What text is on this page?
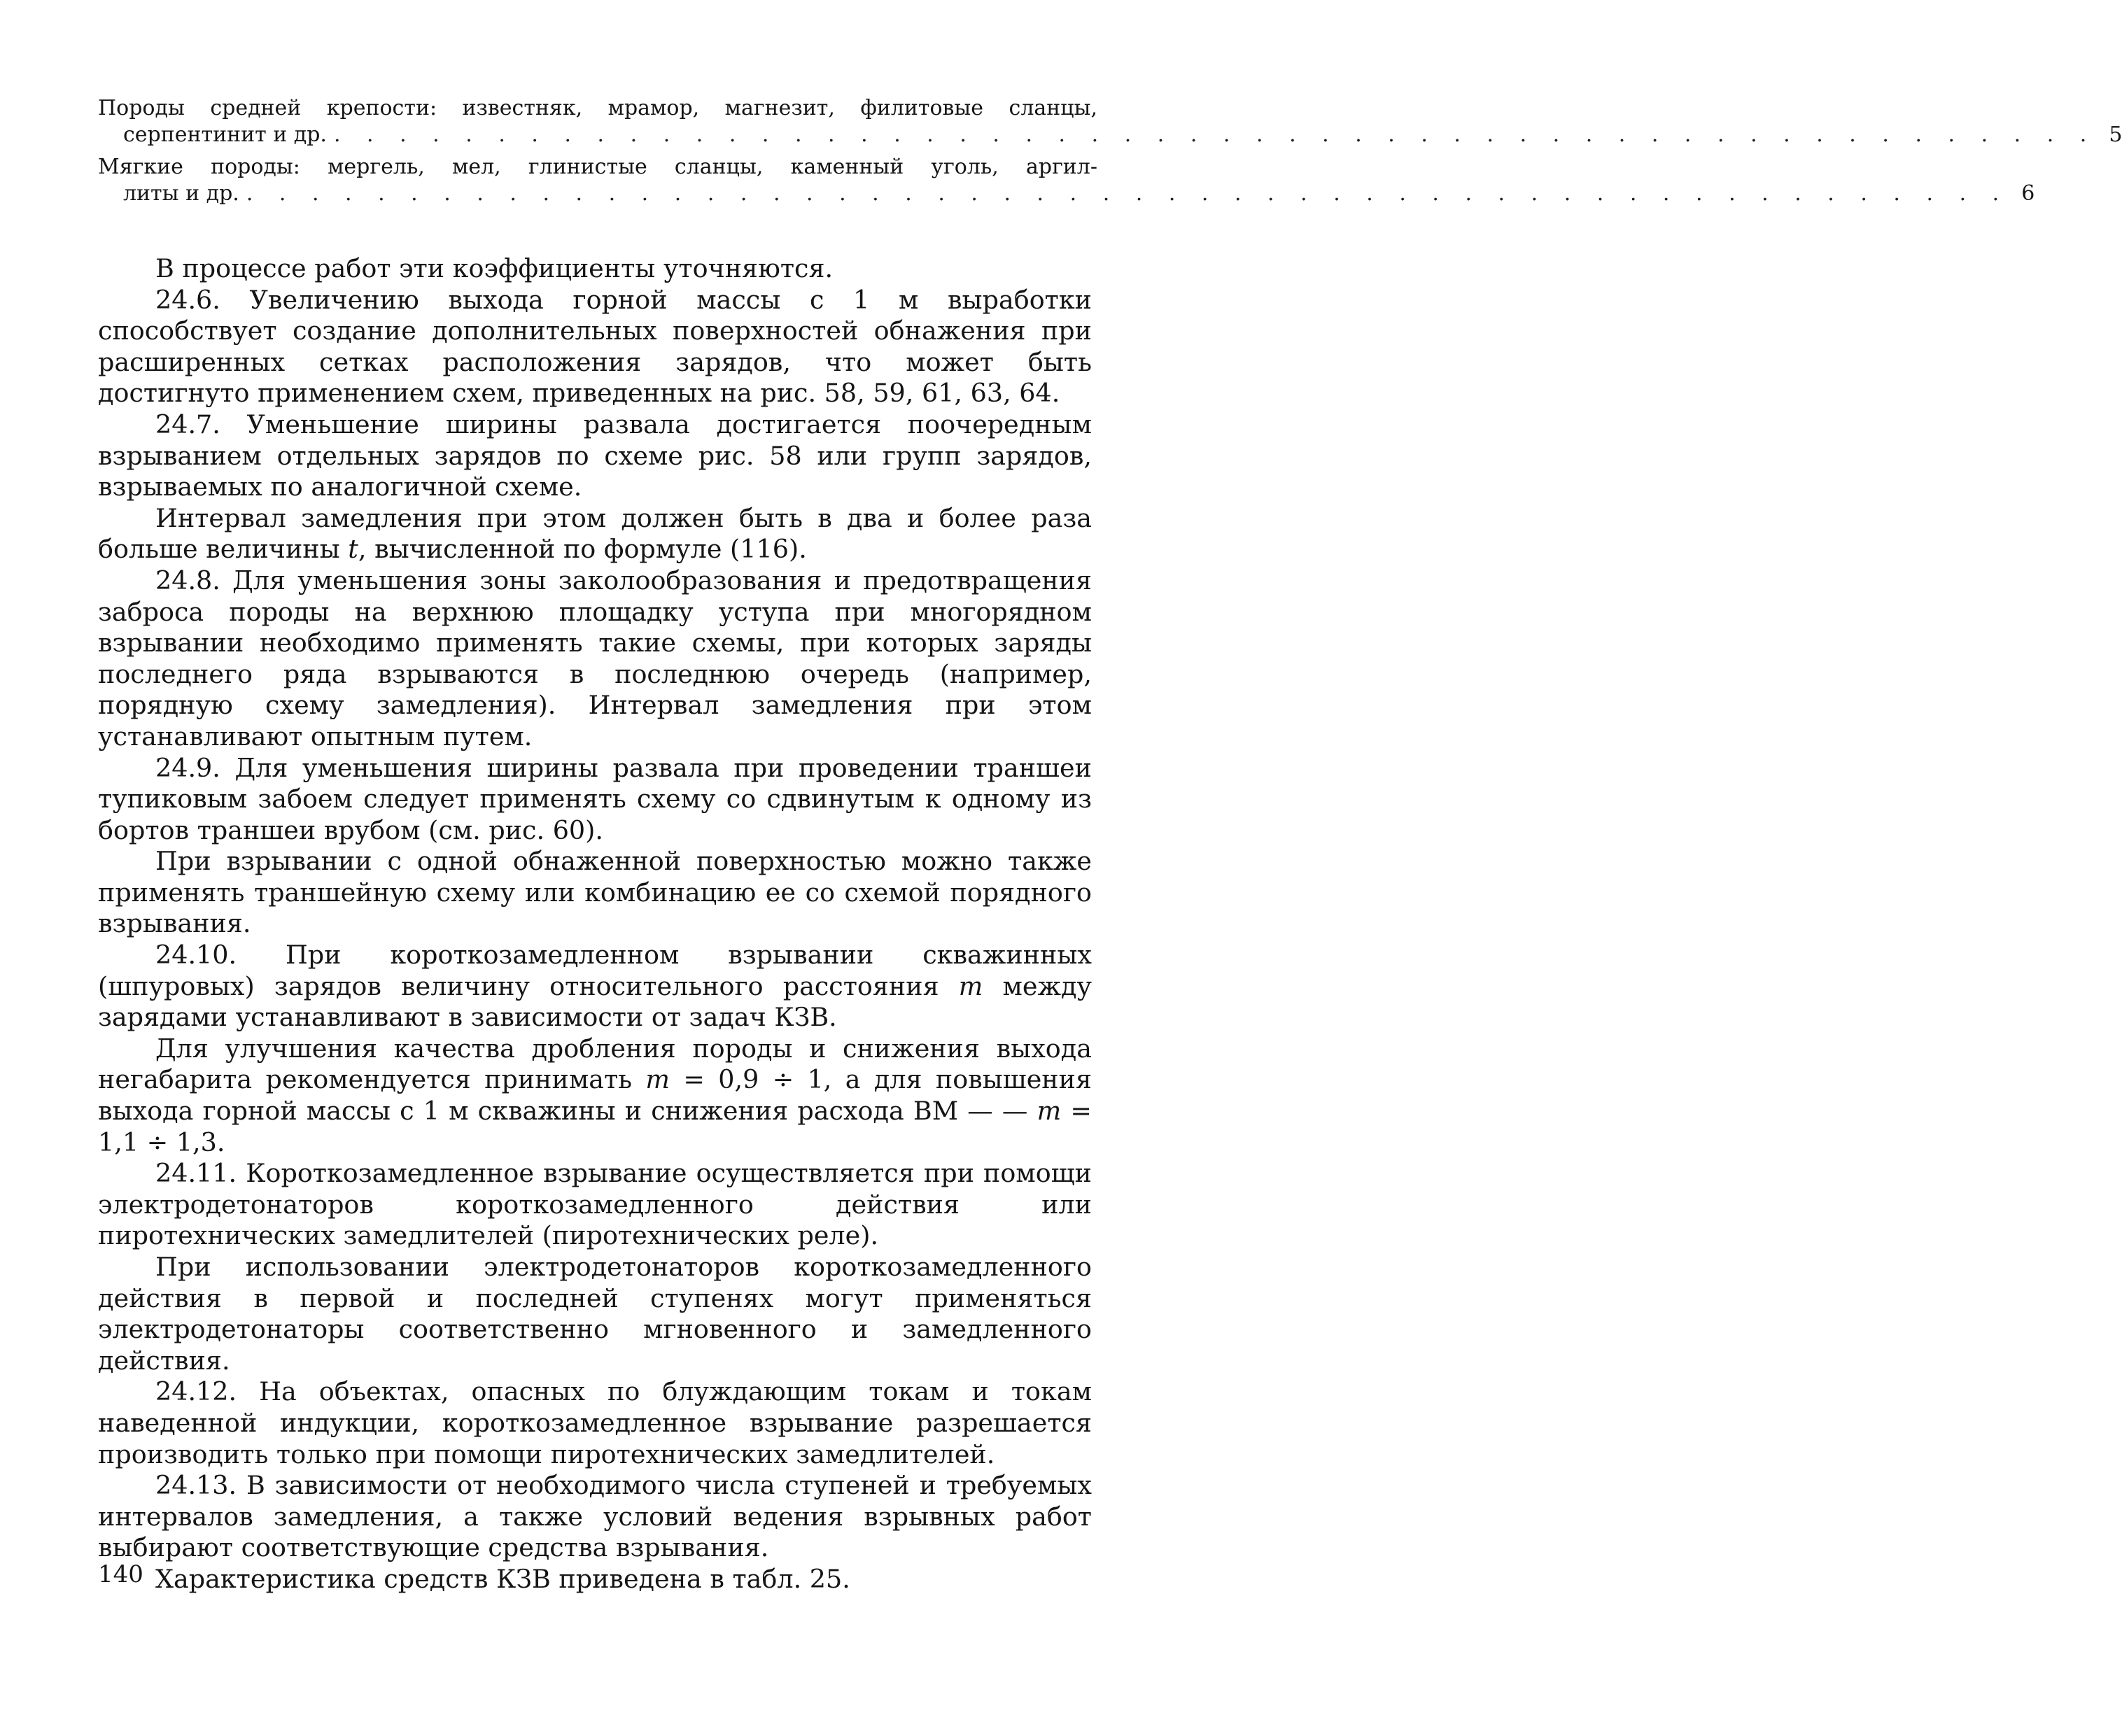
Породы средней крепости: известняк, мрамор, магнезит, филитовые сланцы,
серпентинит и др. . . . . . . . . . . . . . . . . . . . . . . . . . . . . . . . . . . . . . . . . . . . . . . . . . . . . . . 5
Мягкие породы: мергель, мел, глинистые сланцы, каменный уголь, аргил-
литы и др. . . . . . . . . . . . . . . . . . . . . . . . . . . . . . . . . . . . . . . . . . . . . . . . . . . . . . . 6

В процессе работ эти коэффициенты уточняются.

24.6. Увеличению выхода горной массы с 1 м выработки способствует создание дополнительных поверхностей обнажения при расширенных сетках расположения зарядов, что может быть достигнуто применением схем, приведенных на рис. 58, 59, 61, 63, 64.

24.7. Уменьшение ширины развала достигается поочередным взрыванием отдельных зарядов по схеме рис. 58 или групп зарядов, взрываемых по аналогичной схеме.

Интервал замедления при этом должен быть в два и более раза больше величины t, вычисленной по формуле (116).

24.8. Для уменьшения зоны заколообразования и предотвращения заброса породы на верхнюю площадку уступа при многорядном взрывании необходимо применять такие схемы, при которых заряды последнего ряда взрываются в последнюю очередь (например, порядную схему замедления). Интервал замедления при этом устанавливают опытным путем.

24.9. Для уменьшения ширины развала при проведении траншеи тупиковым забоем следует применять схему со сдвинутым к одному из бортов траншеи врубом (см. рис. 60).

При взрывании с одной обнаженной поверхностью можно также применять траншейную схему или комбинацию ее со схемой порядного взрывания.

24.10. При короткозамедленном взрывании скважинных (шпуровых) зарядов величину относительного расстояния m между зарядами устанавливают в зависимости от задач КЗВ.

Для улучшения качества дробления породы и снижения выхода негабарита рекомендуется принимать m = 0,9 ÷ 1, а для повышения выхода горной массы с 1 м скважины и снижения расхода ВМ — — m = 1,1 ÷ 1,3.

24.11. Короткозамедленное взрывание осуществляется при помощи электродетонаторов короткозамедленного действия или пиротехнических замедлителей (пиротехнических реле).

При использовании электродетонаторов короткозамедленного действия в первой и последней ступенях могут применяться электродетонаторы соответственно мгновенного и замедленного действия.

24.12. На объектах, опасных по блуждающим токам и токам наведенной индукции, короткозамедленное взрывание разрешается производить только при помощи пиротехнических замедлителей.

24.13. В зависимости от необходимого числа ступеней и требуемых интервалов замедления, а также условий ведения взрывных работ выбирают соответствующие средства взрывания.

Характеристика средств КЗВ приведена в табл. 25.

140
